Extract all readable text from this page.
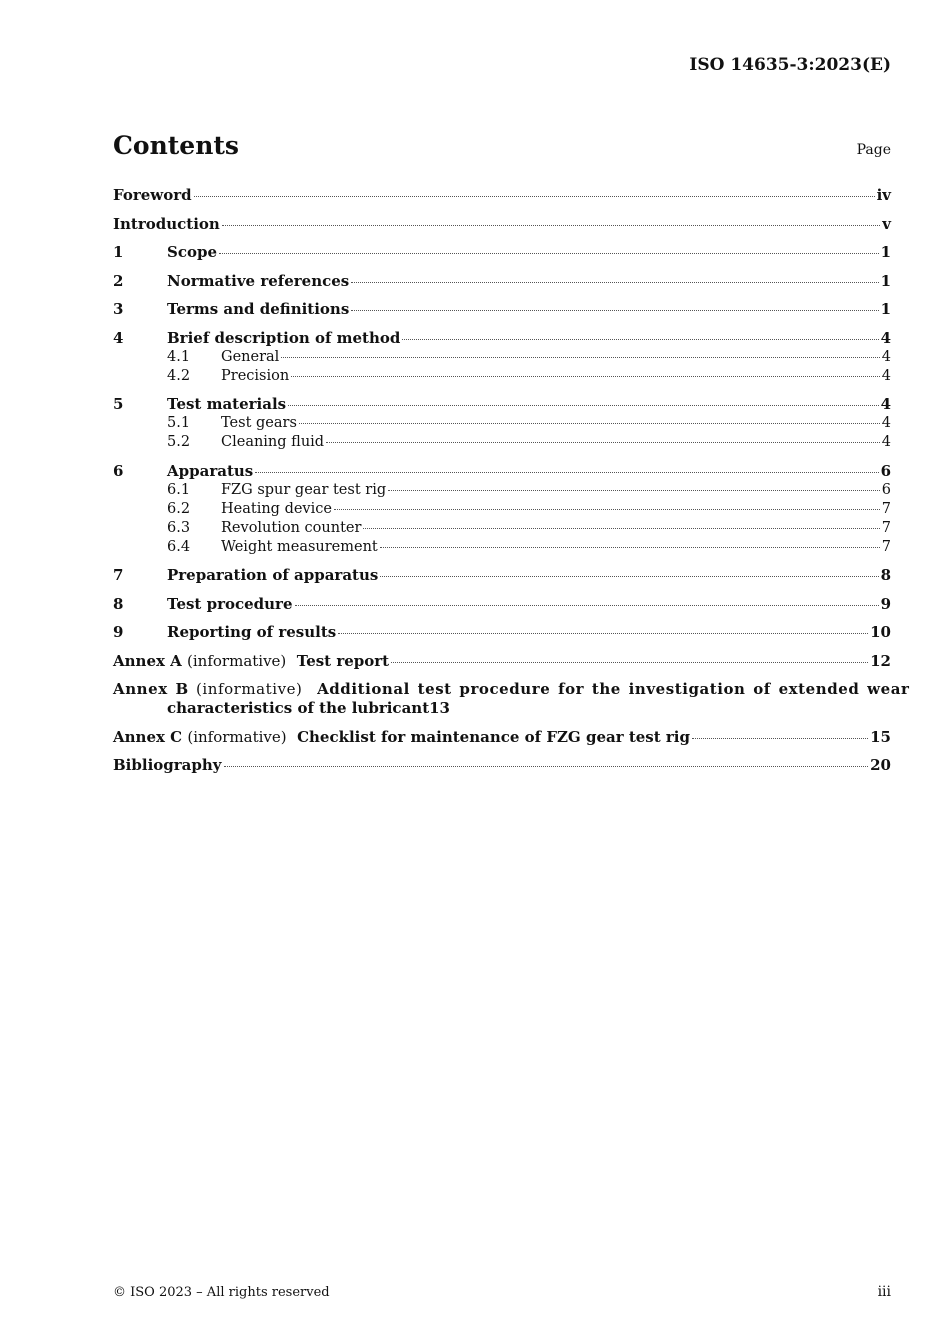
ISO 14635-3:2023(E)
Contents	Page
Foreword	iv
Introduction	v
1	Scope	1
2	Normative references	1
3	Terms and definitions	1
4	Brief description of method	4
4.1	General	4
4.2	Precision	4
5	Test materials	4
5.1	Test gears	4
5.2	Cleaning fluid	4
6	Apparatus	6
6.1	FZG spur gear test rig	6
6.2	Heating device	7
6.3	Revolution counter	7
6.4	Weight measurement	7
7	Preparation of apparatus	8
8	Test procedure	9
9	Reporting of results	10
Annex A (informative) Test report	12
Annex B (informative) Additional test procedure for the investigation of extended wear
characteristics of the lubricant 13
Annex C (informative) Checklist for maintenance of FZG gear test rig	15
Bibliography	20
© ISO 2023 – All rights reserved	iii
